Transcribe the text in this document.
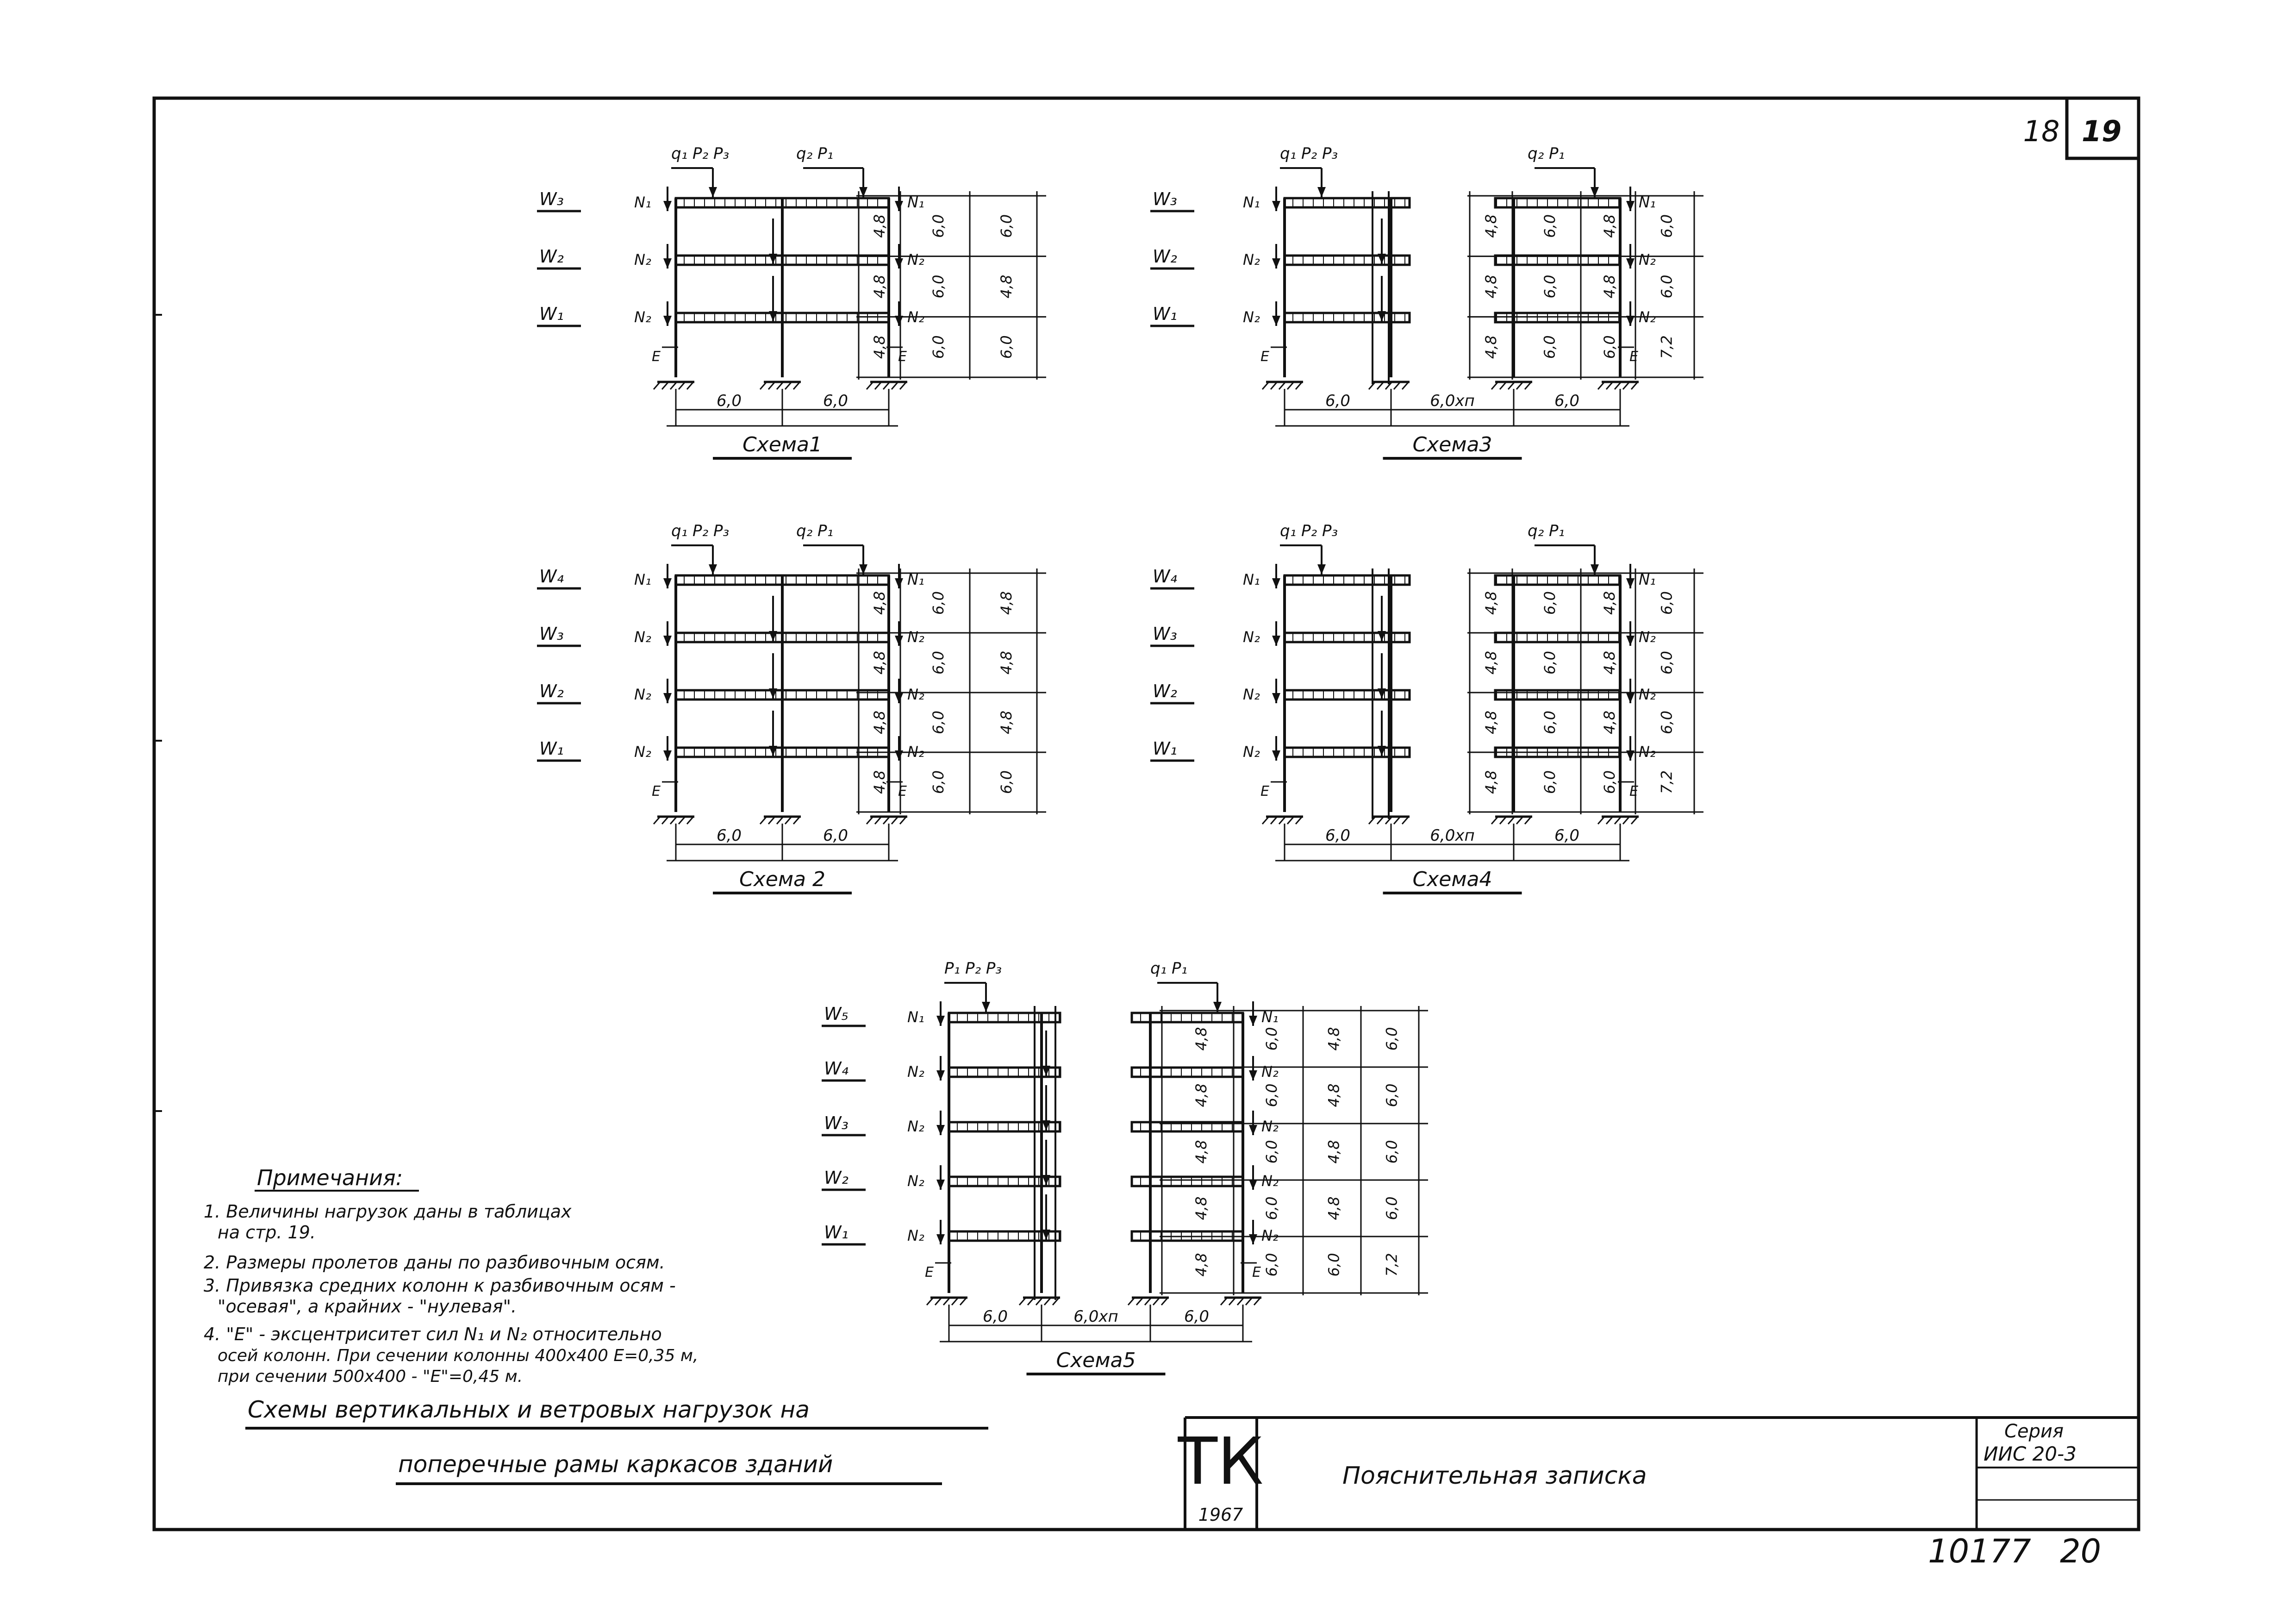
18 19
q₁ P₂ P₃	q₂ P₁
W₃	N₁	N₁
W₂	N₂	N₂
W₁	N₂	N₂
E	E
6,0	6,0
Схема1
4,8	6,0	6,0
4,8	6,0	4,8
4,8	6,0	6,0
q₁ P₂ P₃	q₂ P₁
W₃	N₁	N₁
W₂	N₂	N₂
W₁	N₂	N₂
E	E
6,0	6,0хп	6,0
Схема3
4,8	6,0	4,8	6,0
4,8	6,0	4,8	6,0
4,8	6,0	6,0	7,2
q₁ P₂ P₃	q₂ P₁
W₄	N₁	N₁
W₃	N₂	N₂
W₂	N₂	N₂
W₁	N₂	N₂
E	E
6,0	6,0
Схема 2
4,8	6,0	4,8
4,8	6,0	4,8
4,8	6,0	4,8
4,8	6,0	6,0
q₁ P₂ P₃	q₂ P₁
W₄	N₁	N₁
W₃	N₂	N₂
W₂	N₂	N₂
W₁	N₂	N₂
E	E
6,0	6,0хп	6,0
Схема4
4,8	6,0	4,8	6,0
4,8	6,0	4,8	6,0
4,8	6,0	4,8	6,0
4,8	6,0	6,0	7,2
P₁ P₂ P₃	q₁ P₁
W₅	N₁	N₁
W₄	N₂	N₂
W₃	N₂	N₂
W₂	N₂	N₂
W₁	N₂	N₂
E	E
6,0	6,0хп	6,0
Схема5
4,8	6,0	4,8	6,0
4,8	6,0	4,8	6,0
4,8	6,0	4,8	6,0
4,8	6,0	4,8	6,0
4,8	6,0	6,0	7,2
Примечания:
1. Величины нагрузок даны в таблицах
на стр. 19.
2. Размеры пролетов даны по разбивочным осям.
3. Привязка средних колонн к разбивочным осям -
"осевая", а крайних - "нулевая".
4. "Е" - эксцентриситет сил N₁ и N₂ относительно
осей колонн. При сечении колонны 400х400 Е=0,35 м,
при сечении 500х400 - "Е"=0,45 м.
Схемы вертикальных и ветровых нагрузок на
поперечные рамы каркасов зданий	ТК
1967
Пояснительная записка
Серия
ИИС 20-3
10177 20
